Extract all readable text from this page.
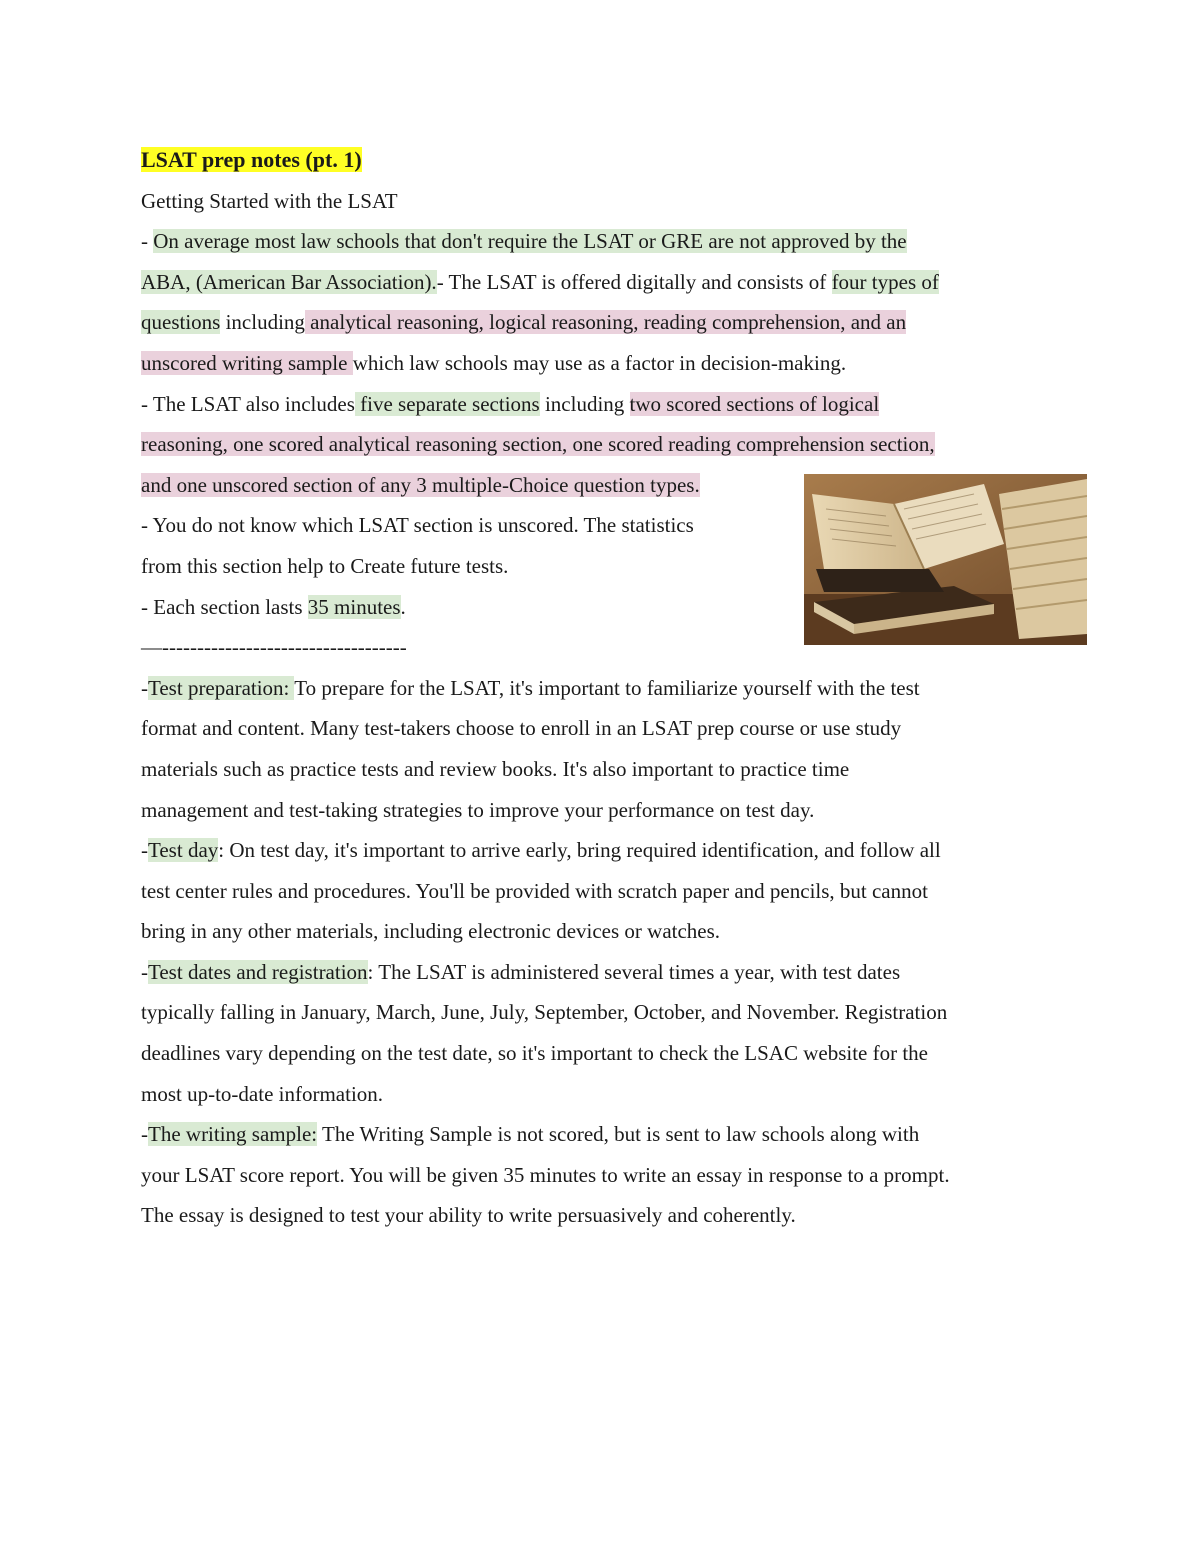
LSAT prep notes (pt. 1)
Getting Started with the LSAT
- On average most law schools that don't require the LSAT or GRE are not approved by the
ABA, (American Bar Association).- The LSAT is offered digitally and consists of four types of
questions including analytical reasoning, logical reasoning, reading comprehension, and an
unscored writing sample which law schools may use as a factor in decision-making.
- The LSAT also includes five separate sections including two scored sections of logical
reasoning, one scored analytical reasoning section, one scored reading comprehension section,
and one unscored section of any 3 multiple-Choice question types.
- You do not know which LSAT section is unscored. The statistics
from this section help to Create future tests.
- Each section lasts 35 minutes.
—-----------------------------------
-Test preparation: To prepare for the LSAT, it's important to familiarize yourself with the test
format and content. Many test-takers choose to enroll in an LSAT prep course or use study
materials such as practice tests and review books. It's also important to practice time
management and test-taking strategies to improve your performance on test day.
-Test day: On test day, it's important to arrive early, bring required identification, and follow all
test center rules and procedures. You'll be provided with scratch paper and pencils, but cannot
bring in any other materials, including electronic devices or watches.
-Test dates and registration: The LSAT is administered several times a year, with test dates
typically falling in January, March, June, July, September, October, and November. Registration
deadlines vary depending on the test date, so it's important to check the LSAC website for the
most up-to-date information.
-The writing sample: The Writing Sample is not scored, but is sent to law schools along with
your LSAT score report. You will be given 35 minutes to write an essay in response to a prompt.
The essay is designed to test your ability to write persuasively and coherently.
